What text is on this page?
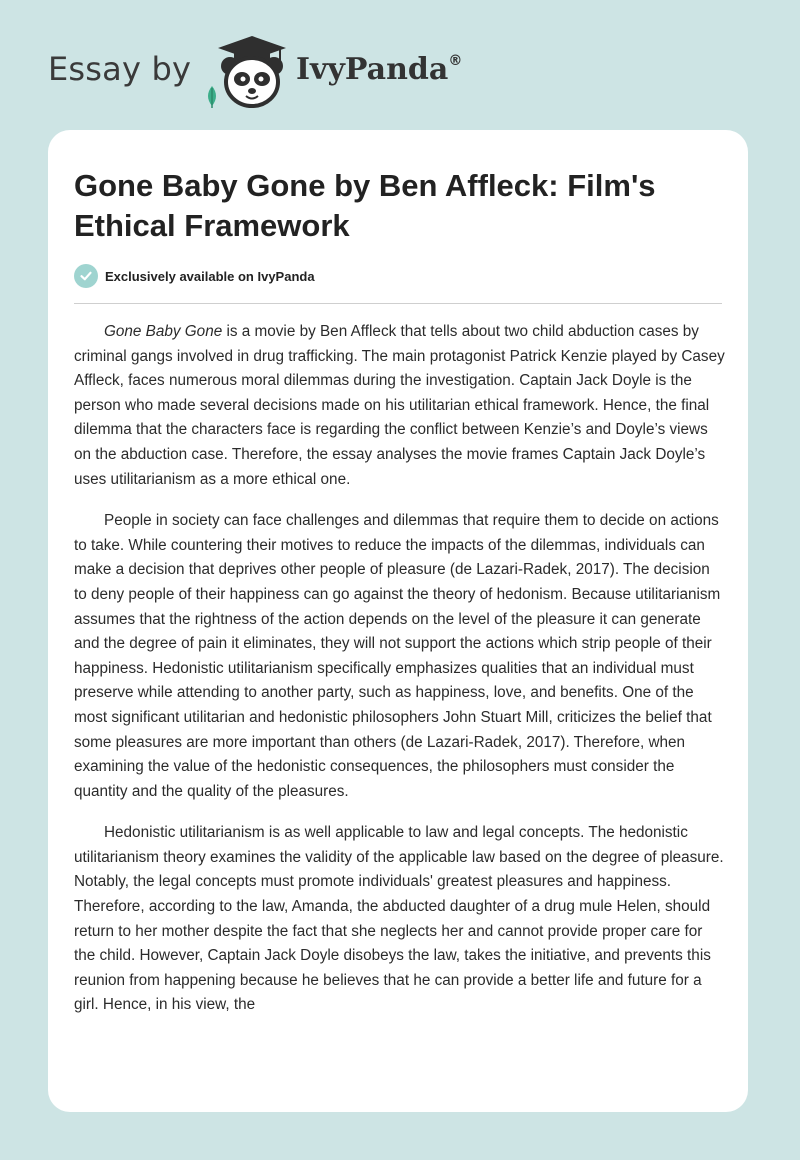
Essay by	IvyPanda®
Gone Baby Gone by Ben Affleck: Film's Ethical Framework
Exclusively available on IvyPanda

Gone Baby Gone is a movie by Ben Affleck that tells about two child abduction cases by criminal gangs involved in drug trafficking. The main protagonist Patrick Kenzie played by Casey Affleck, faces numerous moral dilemmas during the investigation. Captain Jack Doyle is the person who made several decisions made on his utilitarian ethical framework. Hence, the final dilemma that the characters face is regarding the conflict between Kenzie’s and Doyle’s views on the abduction case. Therefore, the essay analyses the movie frames Captain Jack Doyle’s uses utilitarianism as a more ethical one.

People in society can face challenges and dilemmas that require them to decide on actions to take. While countering their motives to reduce the impacts of the dilemmas, individuals can make a decision that deprives other people of pleasure (de Lazari-Radek, 2017). The decision to deny people of their happiness can go against the theory of hedonism. Because utilitarianism assumes that the rightness of the action depends on the level of the pleasure it can generate and the degree of pain it eliminates, they will not support the actions which strip people of their happiness. Hedonistic utilitarianism specifically emphasizes qualities that an individual must preserve while attending to another party, such as happiness, love, and benefits. One of the most significant utilitarian and hedonistic philosophers John Stuart Mill, criticizes the belief that some pleasures are more important than others (de Lazari-Radek, 2017). Therefore, when examining the value of the hedonistic consequences, the philosophers must consider the quantity and the quality of the pleasures.

Hedonistic utilitarianism is as well applicable to law and legal concepts. The hedonistic utilitarianism theory examines the validity of the applicable law based on the degree of pleasure. Notably, the legal concepts must promote individuals' greatest pleasures and happiness. Therefore, according to the law, Amanda, the abducted daughter of a drug mule Helen, should return to her mother despite the fact that she neglects her and cannot provide proper care for the child. However, Captain Jack Doyle disobeys the law, takes the initiative, and prevents this reunion from happening because he believes that he can provide a better life and future for a girl. Hence, in his view, the
